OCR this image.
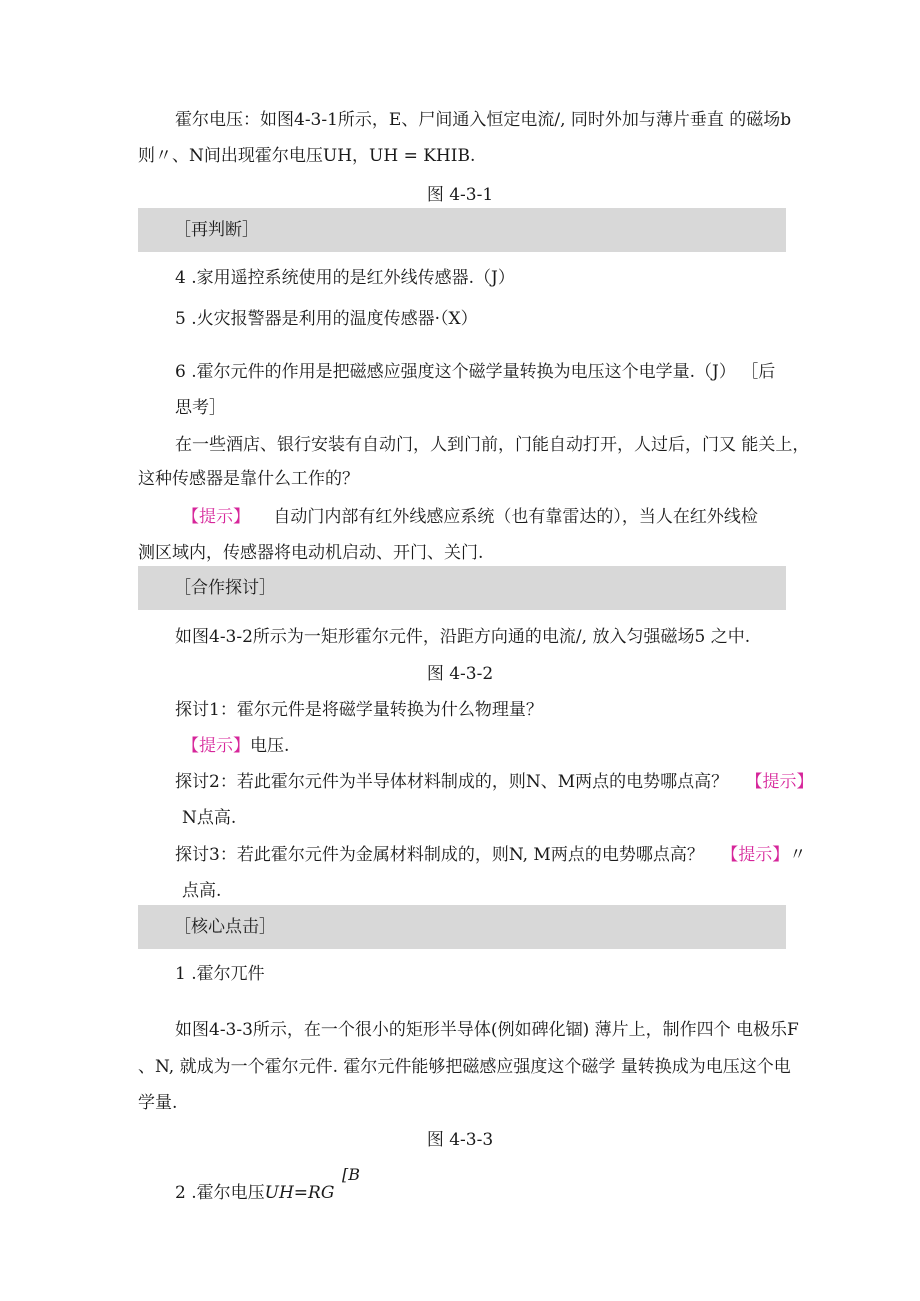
霍尔电压：如图4-3-1所示，E、尸间通入恒定电流/, 同时外加与薄片垂直 的磁场b
则〃、N间出现霍尔电压UH，UH = KHIB.
图 4-3-1
［再判断］
4 .家用遥控系统使用的是红外线传感器.（J）
5 .火灾报警器是利用的温度传感器·（X）
6 .霍尔元件的作用是把磁感应强度这个磁学量转换为电压这个电学量.（J） ［后
思考］
在一些酒店、银行安装有自动门，人到门前，门能自动打开，人过后，门又 能关上，
这种传感器是靠什么工作的？
【提示】 自动门内部有红外线感应系统（也有靠雷达的），当人在红外线检
测区域内，传感器将电动机启动、开门、关门.
［合作探讨］
如图4-3-2所示为一矩形霍尔元件，沿距方向通的电流/, 放入匀强磁场5 之中.
图 4-3-2
探讨1：霍尔元件是将磁学量转换为什么物理量？
【提示】电压.
探讨2：若此霍尔元件为半导体材料制成的，则N、M两点的电势哪点高？ 【提示】
N点高.
探讨3：若此霍尔元件为金属材料制成的，则N, M两点的电势哪点高？ 【提示】〃
点高.
［核心点击］
1 .霍尔兀件
如图4-3-3所示，在一个很小的矩形半导体(例如碑化锢) 薄片上，制作四个 电极乐F
、N, 就成为一个霍尔元件. 霍尔元件能够把磁感应强度这个磁学 量转换成为电压这个电
学量.
图 4-3-3
[B
2 .霍尔电压UH=RG
